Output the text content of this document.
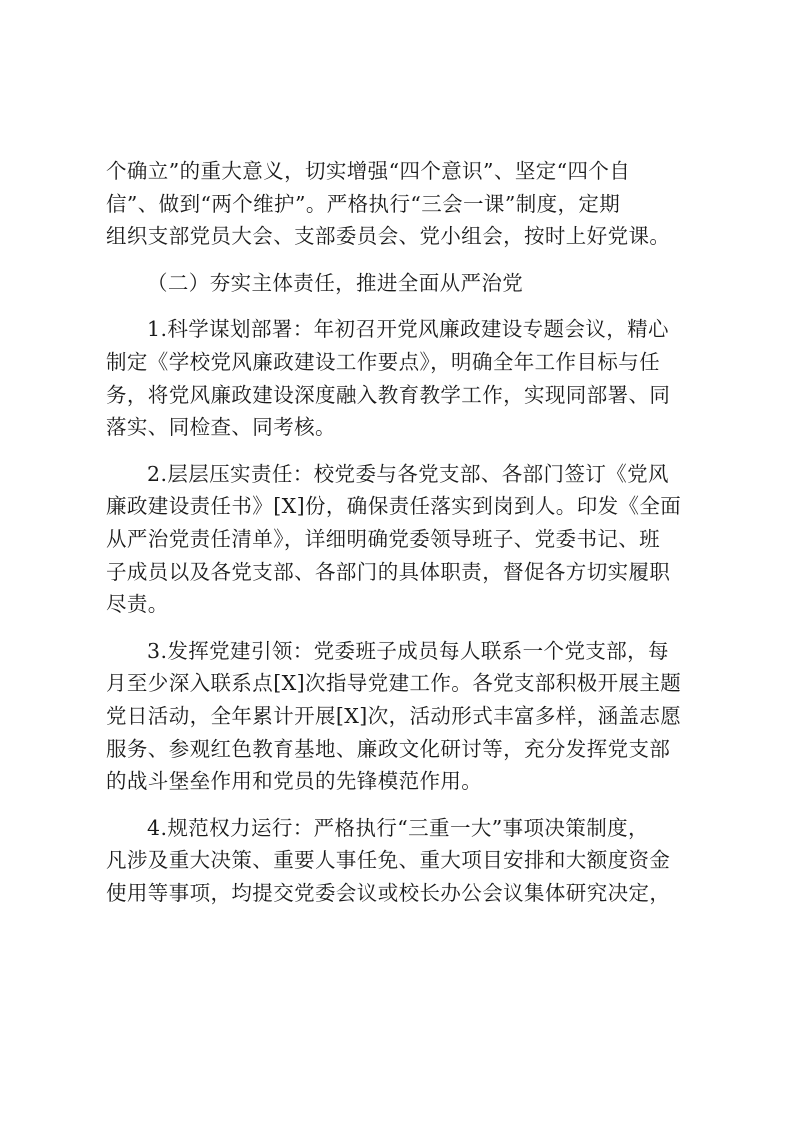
个确立”的重大意义，切实增强“四个意识”、坚定“四个自
信”、做到“两个维护”。严格执行“三会一课”制度，定期
组织支部党员大会、支部委员会、党小组会，按时上好党课。
（二）夯实主体责任，推进全面从严治党
1.科学谋划部署：年初召开党风廉政建设专题会议，精心
制定《学校党风廉政建设工作要点》，明确全年工作目标与任
务，将党风廉政建设深度融入教育教学工作，实现同部署、同
落实、同检查、同考核。
2.层层压实责任：校党委与各党支部、各部门签订《党风
廉政建设责任书》[X]份，确保责任落实到岗到人。印发《全面
从严治党责任清单》，详细明确党委领导班子、党委书记、班
子成员以及各党支部、各部门的具体职责，督促各方切实履职
尽责。
3.发挥党建引领：党委班子成员每人联系一个党支部，每
月至少深入联系点[X]次指导党建工作。各党支部积极开展主题
党日活动，全年累计开展[X]次，活动形式丰富多样，涵盖志愿
服务、参观红色教育基地、廉政文化研讨等，充分发挥党支部
的战斗堡垒作用和党员的先锋模范作用。
4.规范权力运行：严格执行“三重一大”事项决策制度，
凡涉及重大决策、重要人事任免、重大项目安排和大额度资金
使用等事项，均提交党委会议或校长办公会议集体研究决定，
